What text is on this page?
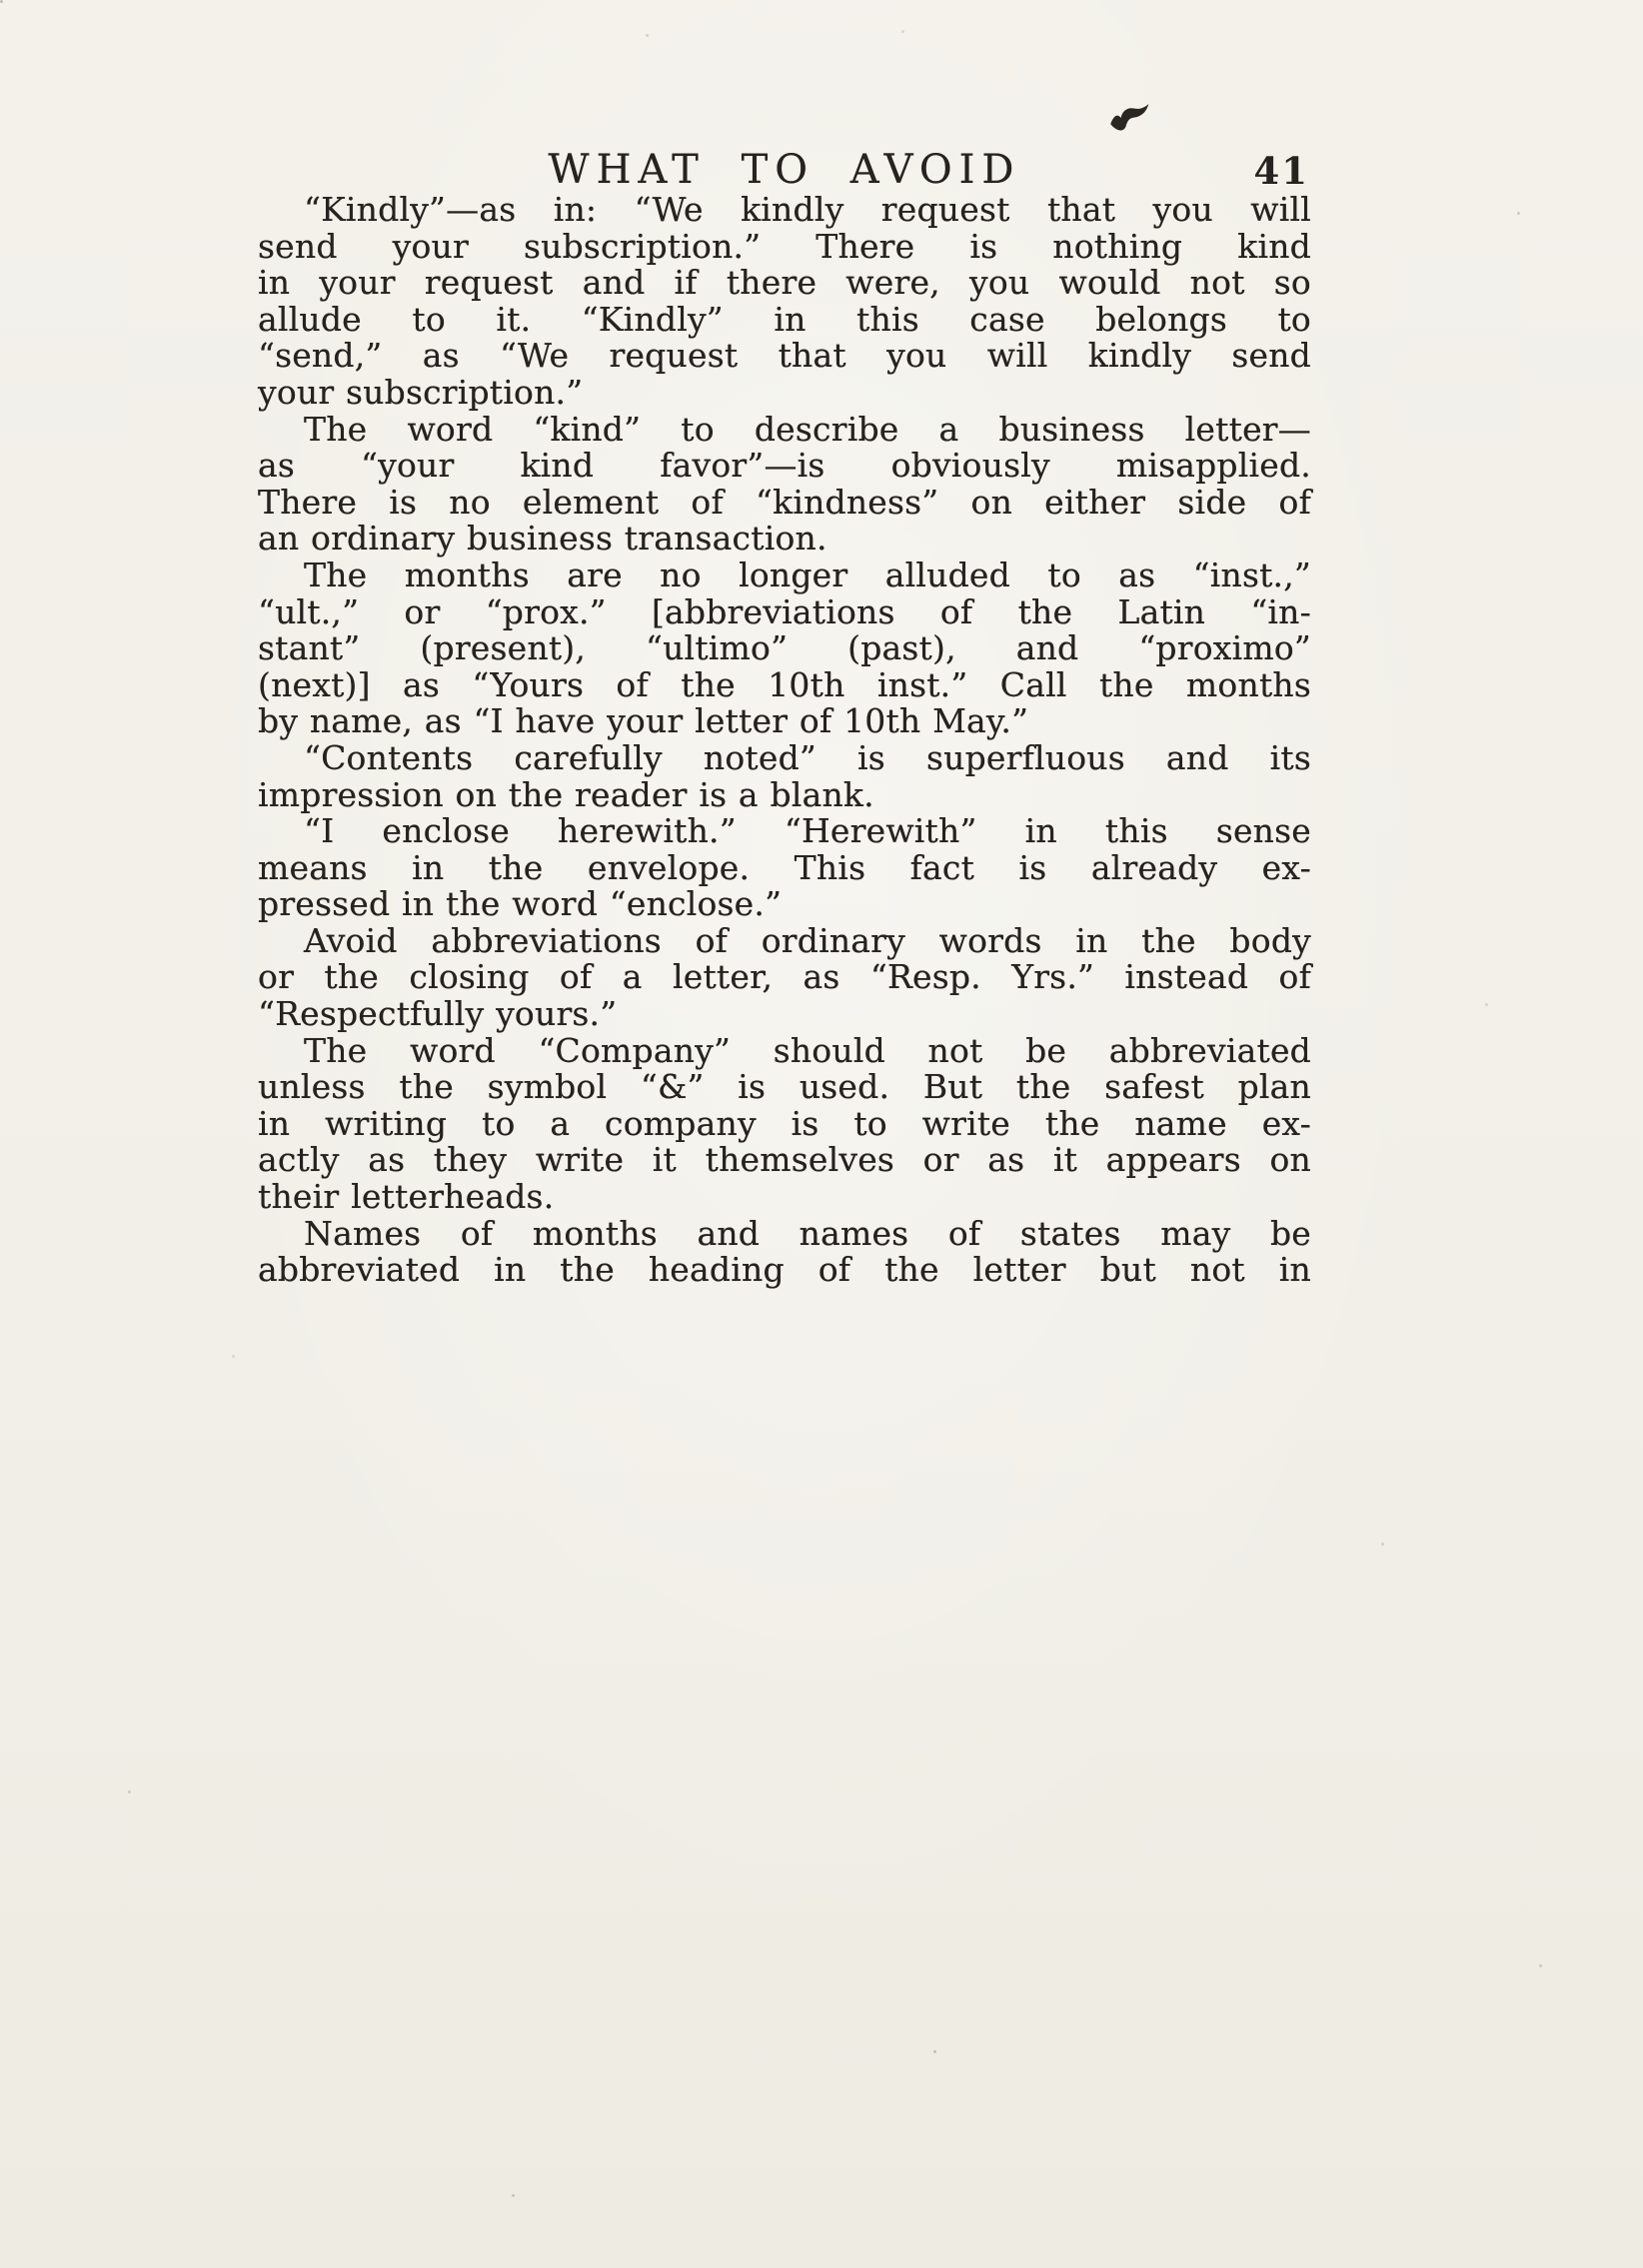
WHAT TO AVOID	41
“Kindly”—as in: “We kindly request that you will
send your subscription.” There is nothing kind
in your request and if there were, you would not so
allude to it. “Kindly” in this case belongs to
“send,” as “We request that you will kindly send
your subscription.”
The word “kind” to describe a business letter—
as “your kind favor”—is obviously misapplied.
There is no element of “kindness” on either side of
an ordinary business transaction.
The months are no longer alluded to as “inst.,”
“ult.,” or “prox.” [abbreviations of the Latin “in-
stant” (present), “ultimo” (past), and “proximo”
(next)] as “Yours of the 10th inst.” Call the months
by name, as “I have your letter of 10th May.”
“Contents carefully noted” is superfluous and its
impression on the reader is a blank.
“I enclose herewith.” “Herewith” in this sense
means in the envelope. This fact is already ex-
pressed in the word “enclose.”
Avoid abbreviations of ordinary words in the body
or the closing of a letter, as “Resp. Yrs.” instead of
“Respectfully yours.”
The word “Company” should not be abbreviated
unless the symbol “&” is used. But the safest plan
in writing to a company is to write the name ex-
actly as they write it themselves or as it appears on
their letterheads.
Names of months and names of states may be
abbreviated in the heading of the letter but not in
